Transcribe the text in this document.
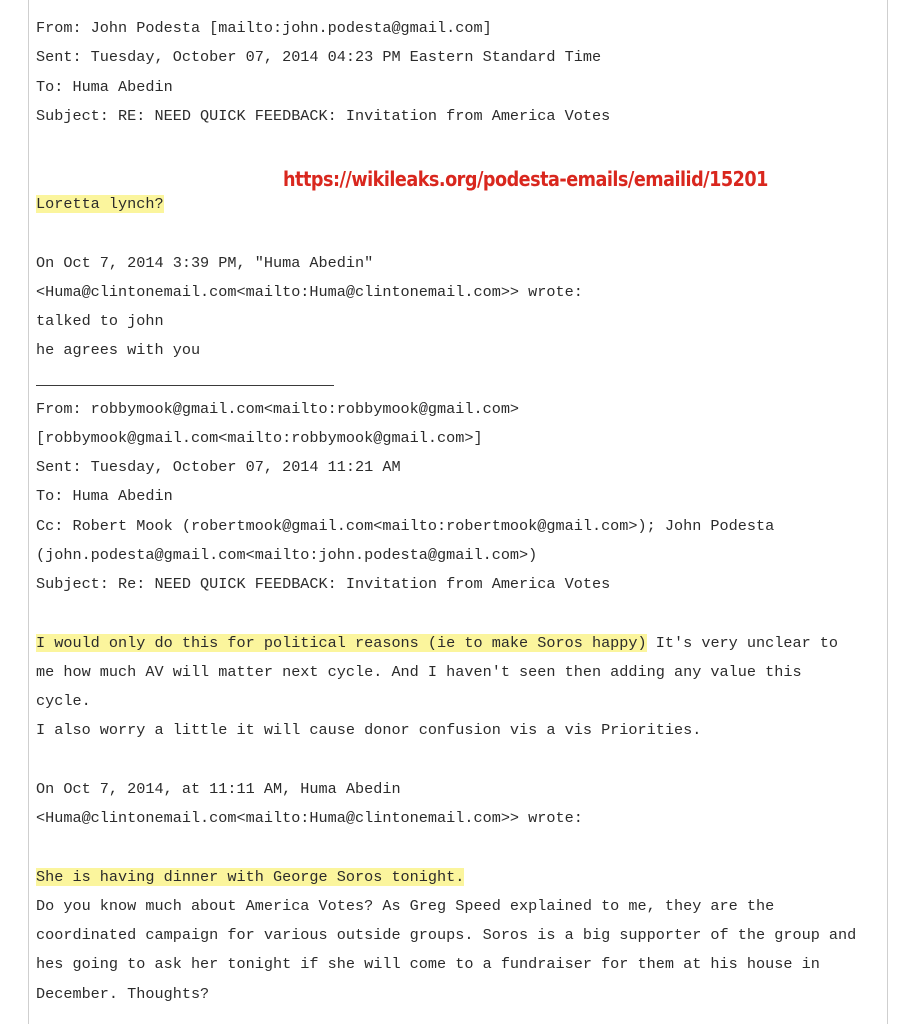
From: John Podesta [mailto:john.podesta@gmail.com]
Sent: Tuesday, October 07, 2014 04:23 PM Eastern Standard Time
To: Huma Abedin
Subject: RE: NEED QUICK FEEDBACK: Invitation from America Votes
https://wikileaks.org/podesta-emails/emailid/15201
Loretta lynch?
On Oct 7, 2014 3:39 PM, "Huma Abedin"
<Huma@clintonemail.com<mailto:Huma@clintonemail.com>> wrote:
talked to john
he agrees with you
From: robbymook@gmail.com<mailto:robbymook@gmail.com>
[robbymook@gmail.com<mailto:robbymook@gmail.com>]
Sent: Tuesday, October 07, 2014 11:21 AM
To: Huma Abedin
Cc: Robert Mook (robertmook@gmail.com<mailto:robertmook@gmail.com>); John Podesta
(john.podesta@gmail.com<mailto:john.podesta@gmail.com>)
Subject: Re: NEED QUICK FEEDBACK: Invitation from America Votes
I would only do this for political reasons (ie to make Soros happy) It's very unclear to
me how much AV will matter next cycle. And I haven't seen then adding any value this
cycle.
I also worry a little it will cause donor confusion vis a vis Priorities.
On Oct 7, 2014, at 11:11 AM, Huma Abedin
<Huma@clintonemail.com<mailto:Huma@clintonemail.com>> wrote:
She is having dinner with George Soros tonight.
Do you know much about America Votes? As Greg Speed explained to me, they are the
coordinated campaign for various outside groups. Soros is a big supporter of the group and
hes going to ask her tonight if she will come to a fundraiser for them at his house in
December. Thoughts?
